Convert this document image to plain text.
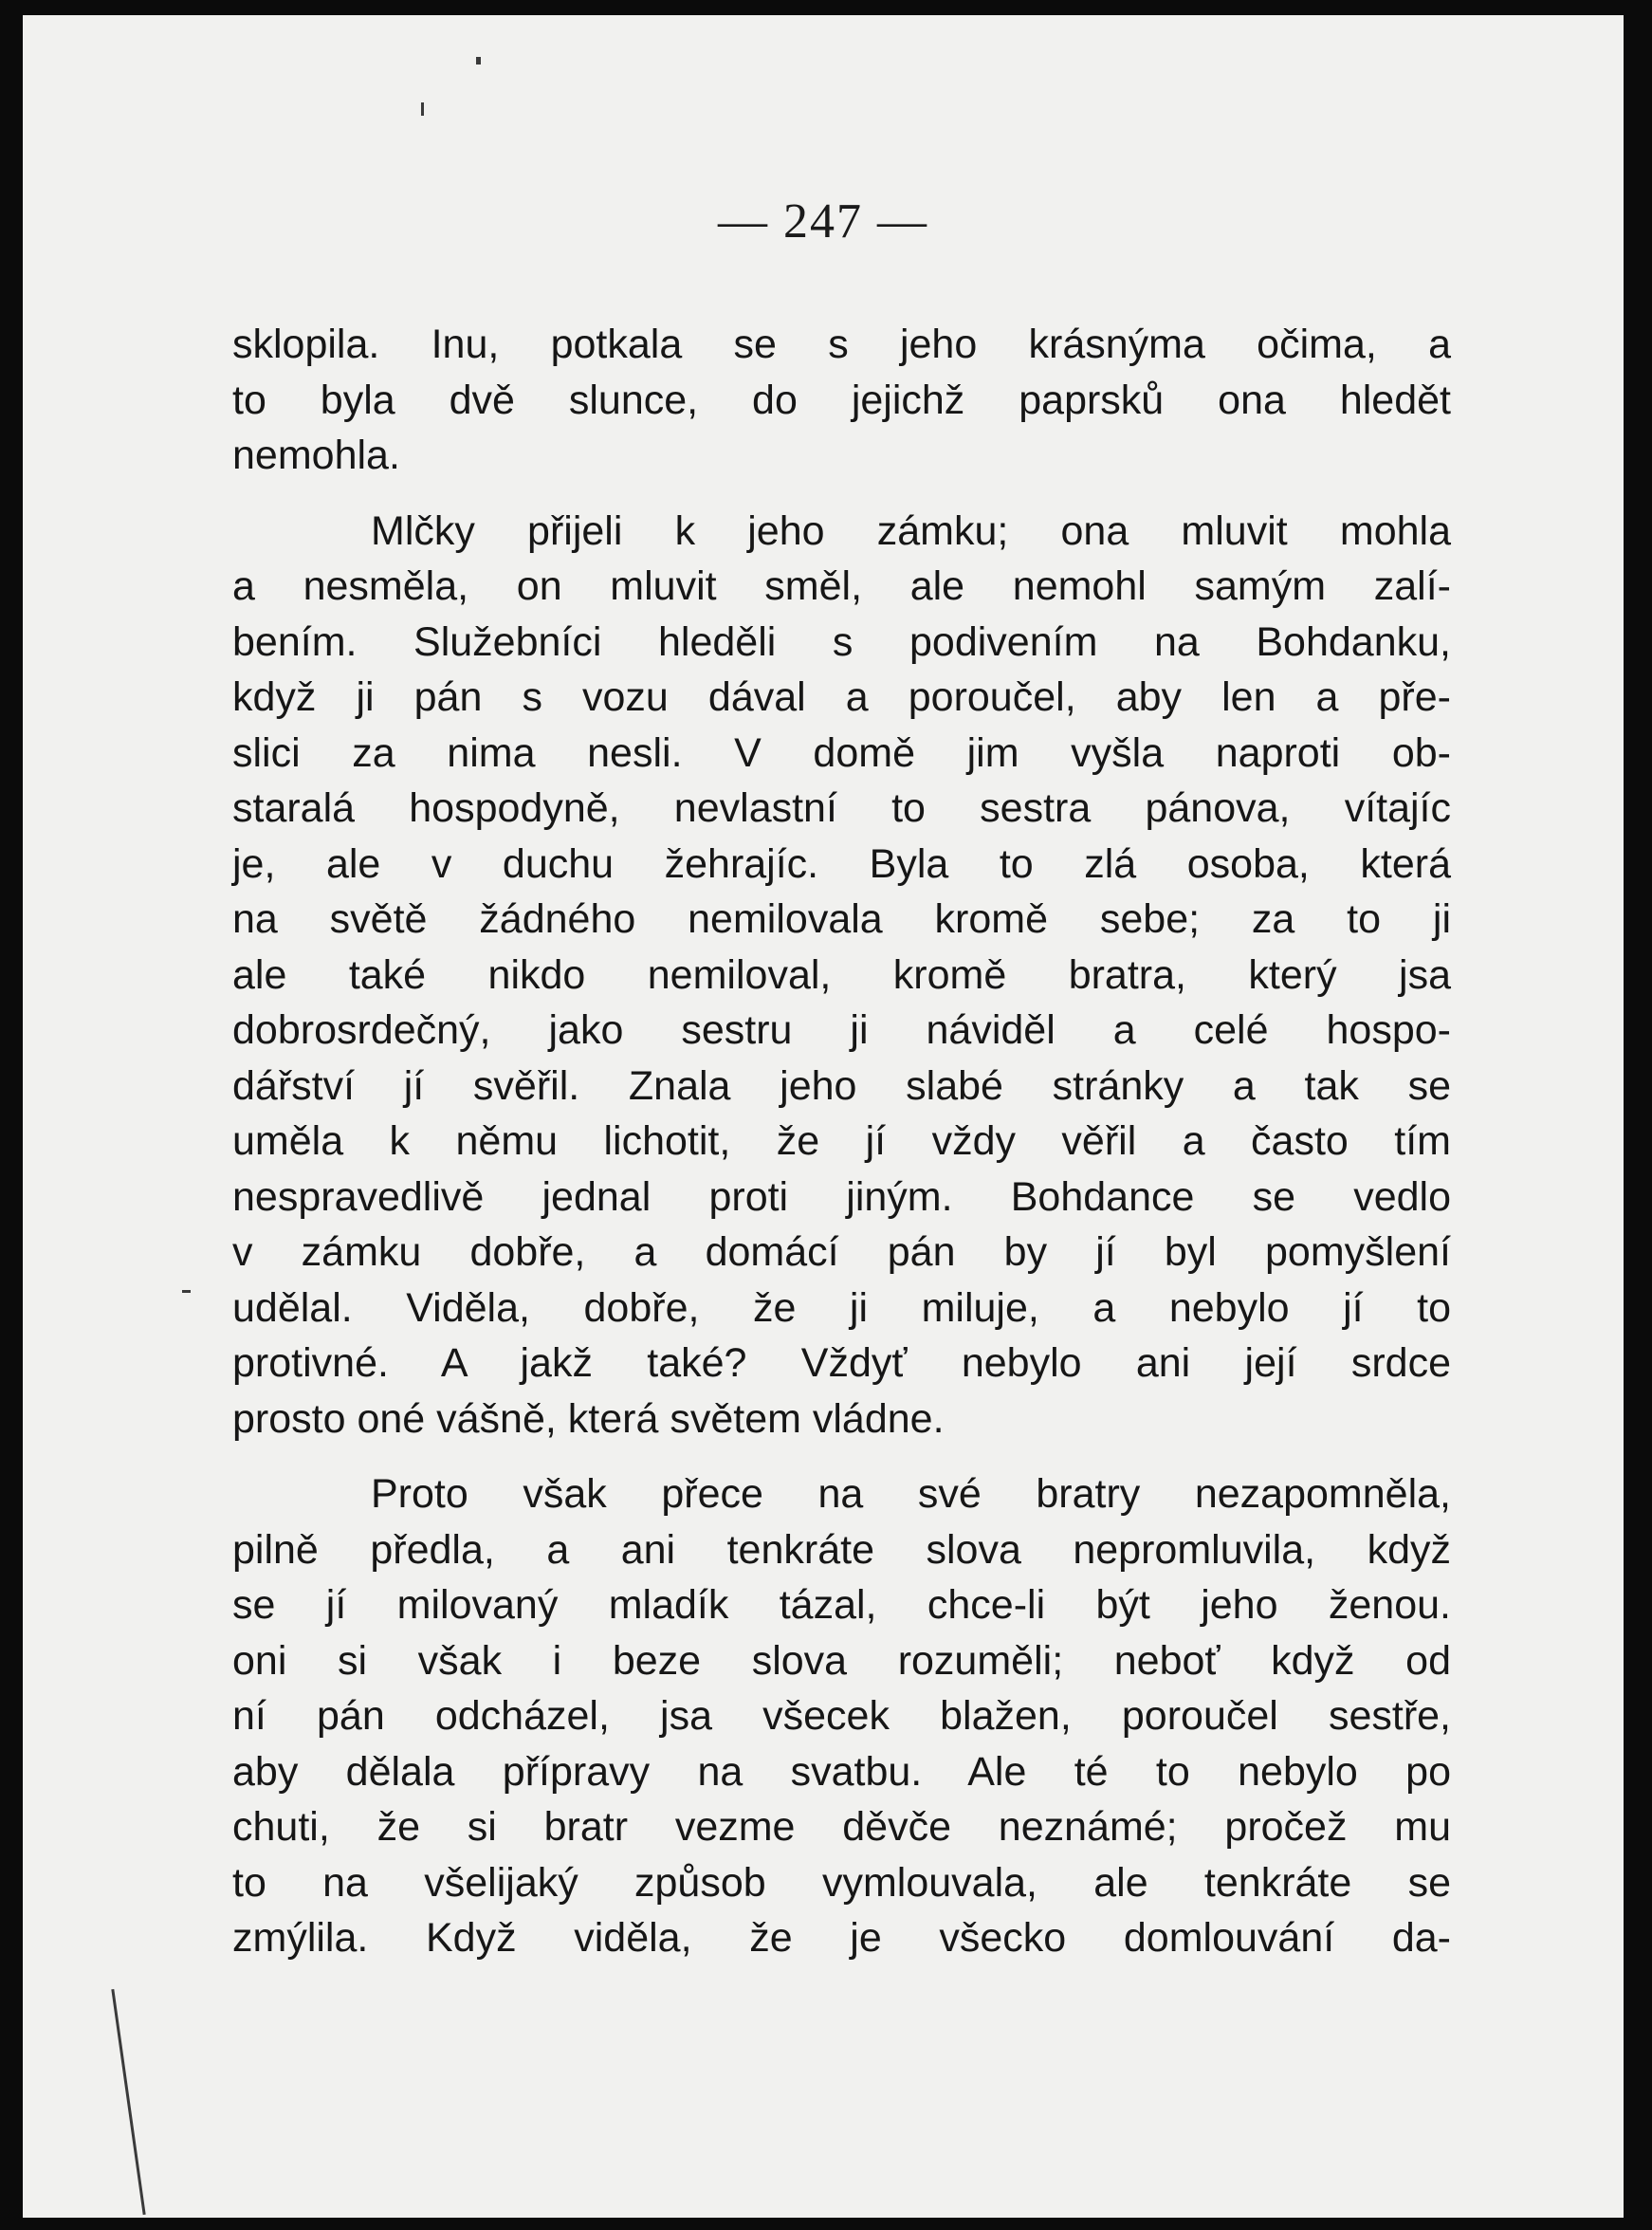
— 247 —
sklopila. Inu, potkala se s jeho krásnýma očima, a
to byla dvě slunce, do jejichž paprsků ona hledět
nemohla.
Mlčky přijeli k jeho zámku; ona mluvit mohla
a nesměla, on mluvit směl, ale nemohl samým zalí-
bením. Služebníci hleděli s podivením na Bohdanku,
když ji pán s vozu dával a poroučel, aby len a pře-
slici za nima nesli. V domě jim vyšla naproti ob-
staralá hospodyně, nevlastní to sestra pánova, vítajíc
je, ale v duchu žehrajíc. Byla to zlá osoba, která
na světě žádného nemilovala kromě sebe; za to ji
ale také nikdo nemiloval, kromě bratra, který jsa
dobrosrdečný, jako sestru ji náviděl a celé hospo-
dářství jí svěřil. Znala jeho slabé stránky a tak se
uměla k němu lichotit, že jí vždy věřil a často tím
nespravedlivě jednal proti jiným. Bohdance se vedlo
v zámku dobře, a domácí pán by jí byl pomyšlení
udělal. Viděla, dobře, že ji miluje, a nebylo jí to
protivné. A jakž také? Vždyť nebylo ani její srdce
prosto oné vášně, která světem vládne.
Proto však přece na své bratry nezapomněla,
pilně předla, a ani tenkráte slova nepromluvila, když
se jí milovaný mladík tázal, chce-li být jeho ženou.
oni si však i beze slova rozuměli; neboť když od
ní pán odcházel, jsa všecek blažen, poroučel sestře,
aby dělala přípravy na svatbu. Ale té to nebylo po
chuti, že si bratr vezme děvče neznámé; pročež mu
to na všelijaký způsob vymlouvala, ale tenkráte se
zmýlila. Když viděla, že je všecko domlouvání da-
